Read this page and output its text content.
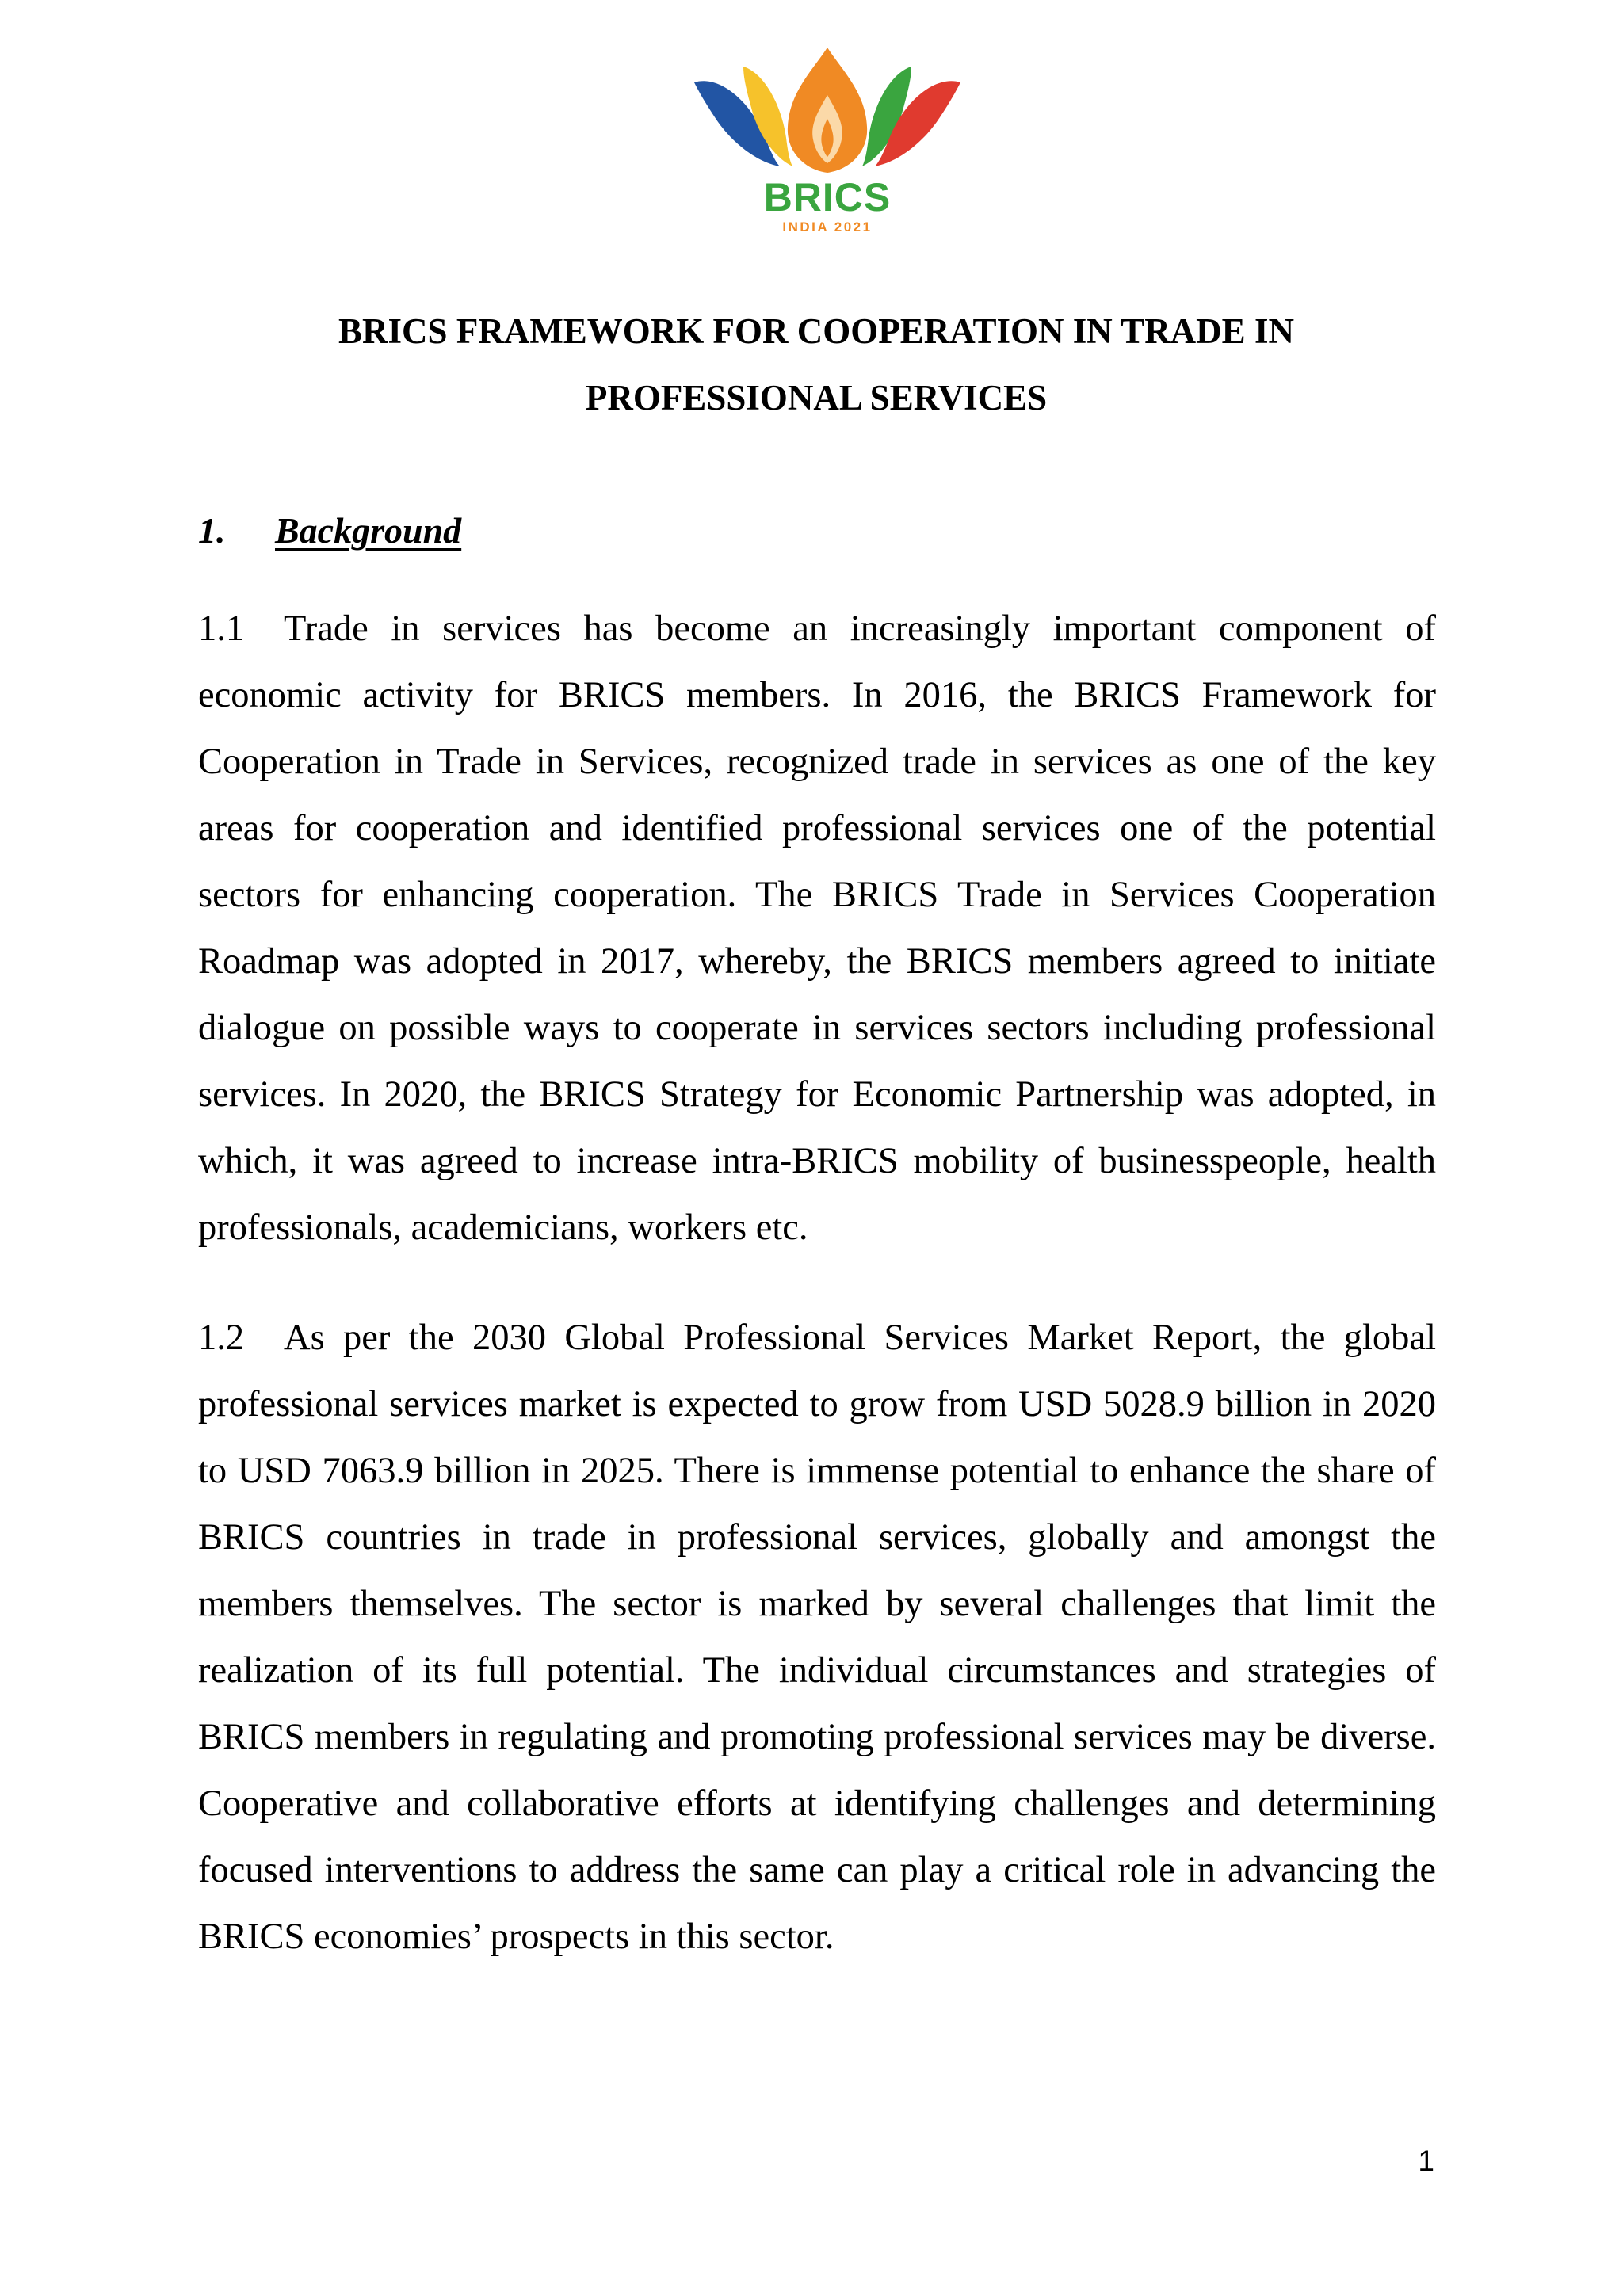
BRICS
INDIA 2021
BRICS FRAMEWORK FOR COOPERATION IN TRADE IN
PROFESSIONAL SERVICES
1. Background

1.1 Trade in services has become an increasingly important component of economic activity for BRICS members. In 2016, the BRICS Framework for Cooperation in Trade in Services, recognized trade in services as one of the key areas for cooperation and identified professional services one of the potential sectors for enhancing cooperation. The BRICS Trade in Services Cooperation Roadmap was adopted in 2017, whereby, the BRICS members agreed to initiate dialogue on possible ways to cooperate in services sectors including professional services. In 2020, the BRICS Strategy for Economic Partnership was adopted, in which, it was agreed to increase intra-BRICS mobility of businesspeople, health professionals, academicians, workers etc.

1.2 As per the 2030 Global Professional Services Market Report, the global professional services market is expected to grow from USD 5028.9 billion in 2020 to USD 7063.9 billion in 2025. There is immense potential to enhance the share of BRICS countries in trade in professional services, globally and amongst the members themselves. The sector is marked by several challenges that limit the realization of its full potential. The individual circumstances and strategies of BRICS members in regulating and promoting professional services may be diverse. Cooperative and collaborative efforts at identifying challenges and determining focused interventions to address the same can play a critical role in advancing the BRICS economies’ prospects in this sector.

1
